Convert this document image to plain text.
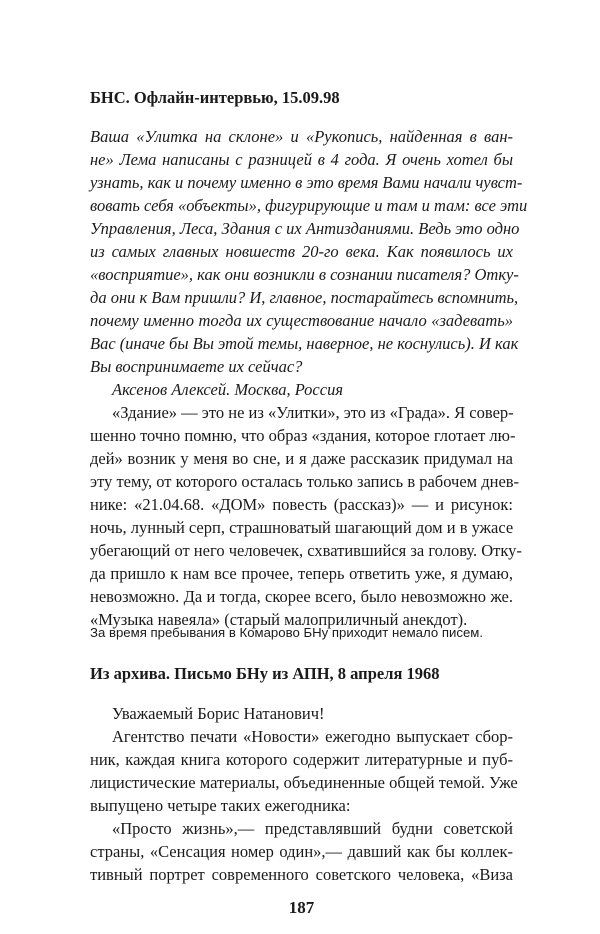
БНС. Офлайн-интервью, 15.09.98
Ваша «Улитка на склоне» и «Рукопись, найденная в ван-
не» Лема написаны с разницей в 4 года. Я очень хотел бы
узнать, как и почему именно в это время Вами начали чувст-
вовать себя «объекты», фигурирующие и там и там: все эти
Управления, Леса, Здания с их Антизданиями. Ведь это одно
из самых главных новшеств 20-го века. Как появилось их
«восприятие», как они возникли в сознании писателя? Отку-
да они к Вам пришли? И, главное, постарайтесь вспомнить,
почему именно тогда их существование начало «задевать»
Вас (иначе бы Вы этой темы, наверное, не коснулись). И как
Вы воспринимаете их сейчас?
Аксенов Алексей. Москва, Россия
«Здание» — это не из «Улитки», это из «Града». Я совер-
шенно точно помню, что образ «здания, которое глотает лю-
дей» возник у меня во сне, и я даже рассказик придумал на
эту тему, от которого осталась только запись в рабочем днев-
нике: «21.04.68. «ДОМ» повесть (рассказ)» — и рисунок:
ночь, лунный серп, страшноватый шагающий дом и в ужасе
убегающий от него человечек, схватившийся за голову. Отку-
да пришло к нам все прочее, теперь ответить уже, я думаю,
невозможно. Да и тогда, скорее всего, было невозможно же.
«Музыка навеяла» (старый малоприличный анекдот).
За время пребывания в Комарово БНу приходит немало писем.
Из архива. Письмо БНу из АПН, 8 апреля 1968
Уважаемый Борис Натанович!
Агентство печати «Новости» ежегодно выпускает сбор-
ник, каждая книга которого содержит литературные и пуб-
лицистические материалы, объединенные общей темой. Уже
выпущено четыре таких ежегодника:
«Просто жизнь»,— представлявший будни советской
страны, «Сенсация номер один»,— давший как бы коллек-
тивный портрет современного советского человека, «Виза
187
